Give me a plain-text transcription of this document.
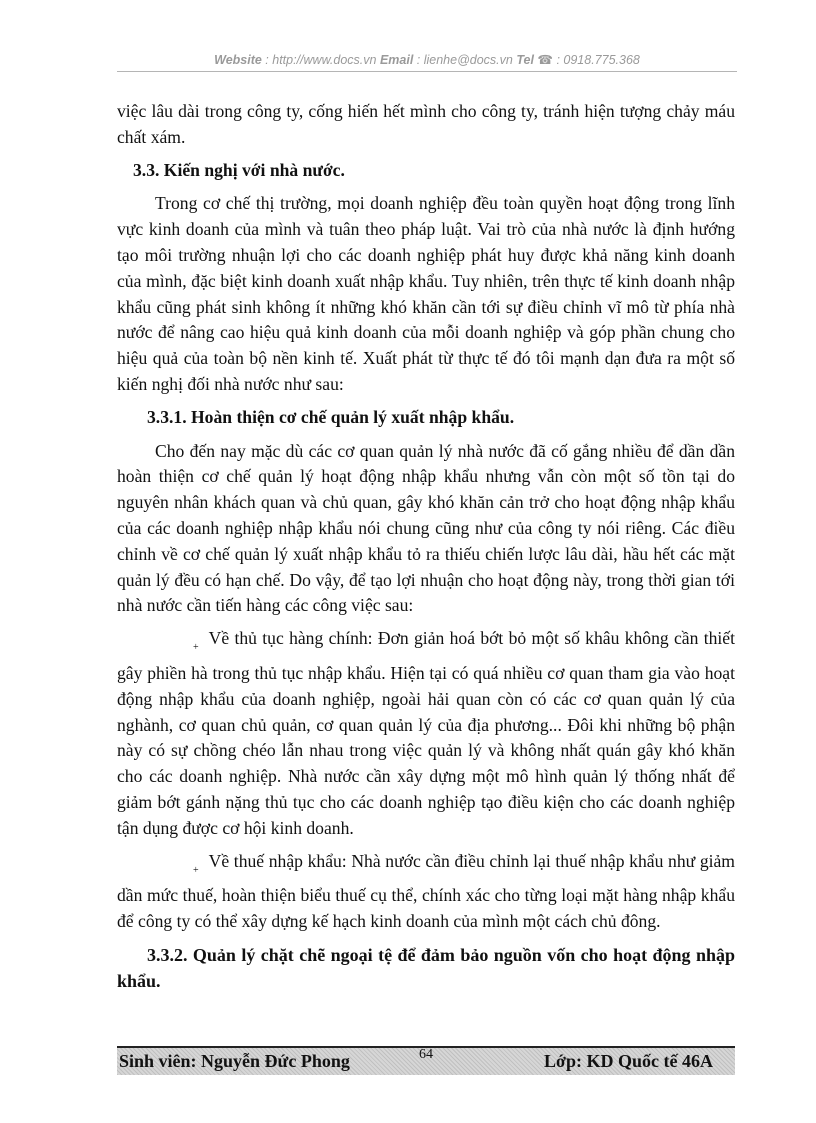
Website : http://www.docs.vn Email : lienhe@docs.vn Tel ☎ : 0918.775.368

việc lâu dài trong công ty, cống hiến hết mình cho công ty, tránh hiện tượng chảy máu chất xám.

3.3. Kiến nghị với nhà nước.

Trong cơ chế thị trường, mọi doanh nghiệp đều toàn quyền hoạt động trong lĩnh vực kinh doanh của mình và tuân theo pháp luật. Vai trò của nhà nước là định hướng tạo môi trường nhuận lợi cho các doanh nghiệp phát huy được khả năng kinh doanh của mình, đặc biệt kinh doanh xuất nhập khẩu. Tuy nhiên, trên thực tế kinh doanh nhập khẩu cũng phát sinh không ít những khó khăn cần tới sự điều chỉnh vĩ mô từ phía nhà nước để nâng cao hiệu quả kinh doanh của mỗi doanh nghiệp và góp phần chung cho hiệu quả của toàn bộ nền kinh tế. Xuất phát từ thực tế đó tôi mạnh dạn đưa ra một số kiến nghị đối nhà nước như sau:

3.3.1. Hoàn thiện cơ chế quản lý xuất nhập khẩu.

Cho đến nay mặc dù các cơ quan quản lý nhà nước đã cố gắng nhiều để dần dần hoàn thiện cơ chế quản lý hoạt động nhập khẩu nhưng vẫn còn một số tồn tại do nguyên nhân khách quan và chủ quan, gây khó khăn cản trở cho hoạt động nhập khẩu của các doanh nghiệp nhập khẩu nói chung cũng như của công ty nói riêng. Các điều chỉnh về cơ chế quản lý xuất nhập khẩu tỏ ra thiếu chiến lược lâu dài, hầu hết các mặt quản lý đều có hạn chế. Do vậy, để tạo lợi nhuận cho hoạt động này, trong thời gian tới nhà nước cần tiến hàng các công việc sau:

+ Về thủ tục hàng chính: Đơn giản hoá bớt bỏ một số khâu không cần thiết gây phiền hà trong thủ tục nhập khẩu. Hiện tại có quá nhiều cơ quan tham gia vào hoạt động nhập khẩu của doanh nghiệp, ngoài hải quan còn có các cơ quan quản lý của nghành, cơ quan chủ quản, cơ quan quản lý của địa phương... Đôi khi những bộ phận này có sự chồng chéo lẫn nhau trong việc quản lý và không nhất quán gây khó khăn cho các doanh nghiệp. Nhà nước cần xây dựng một mô hình quản lý thống nhất để giảm bớt gánh nặng thủ tục cho các doanh nghiệp tạo điều kiện cho các doanh nghiệp tận dụng được cơ hội kinh doanh.

+ Về thuế nhập khẩu: Nhà nước cần điều chỉnh lại thuế nhập khẩu như giảm dần mức thuế, hoàn thiện biểu thuế cụ thể, chính xác cho từng loại mặt hàng nhập khẩu để công ty có thể xây dựng kế hạch kinh doanh của mình một cách chủ đông.

3.3.2. Quản lý chặt chẽ ngoại tệ để đảm bảo nguồn vốn cho hoạt động nhập khẩu.

Sinh viên: Nguyễn Đức Phong	64	Lớp: KD Quốc tế 46A
